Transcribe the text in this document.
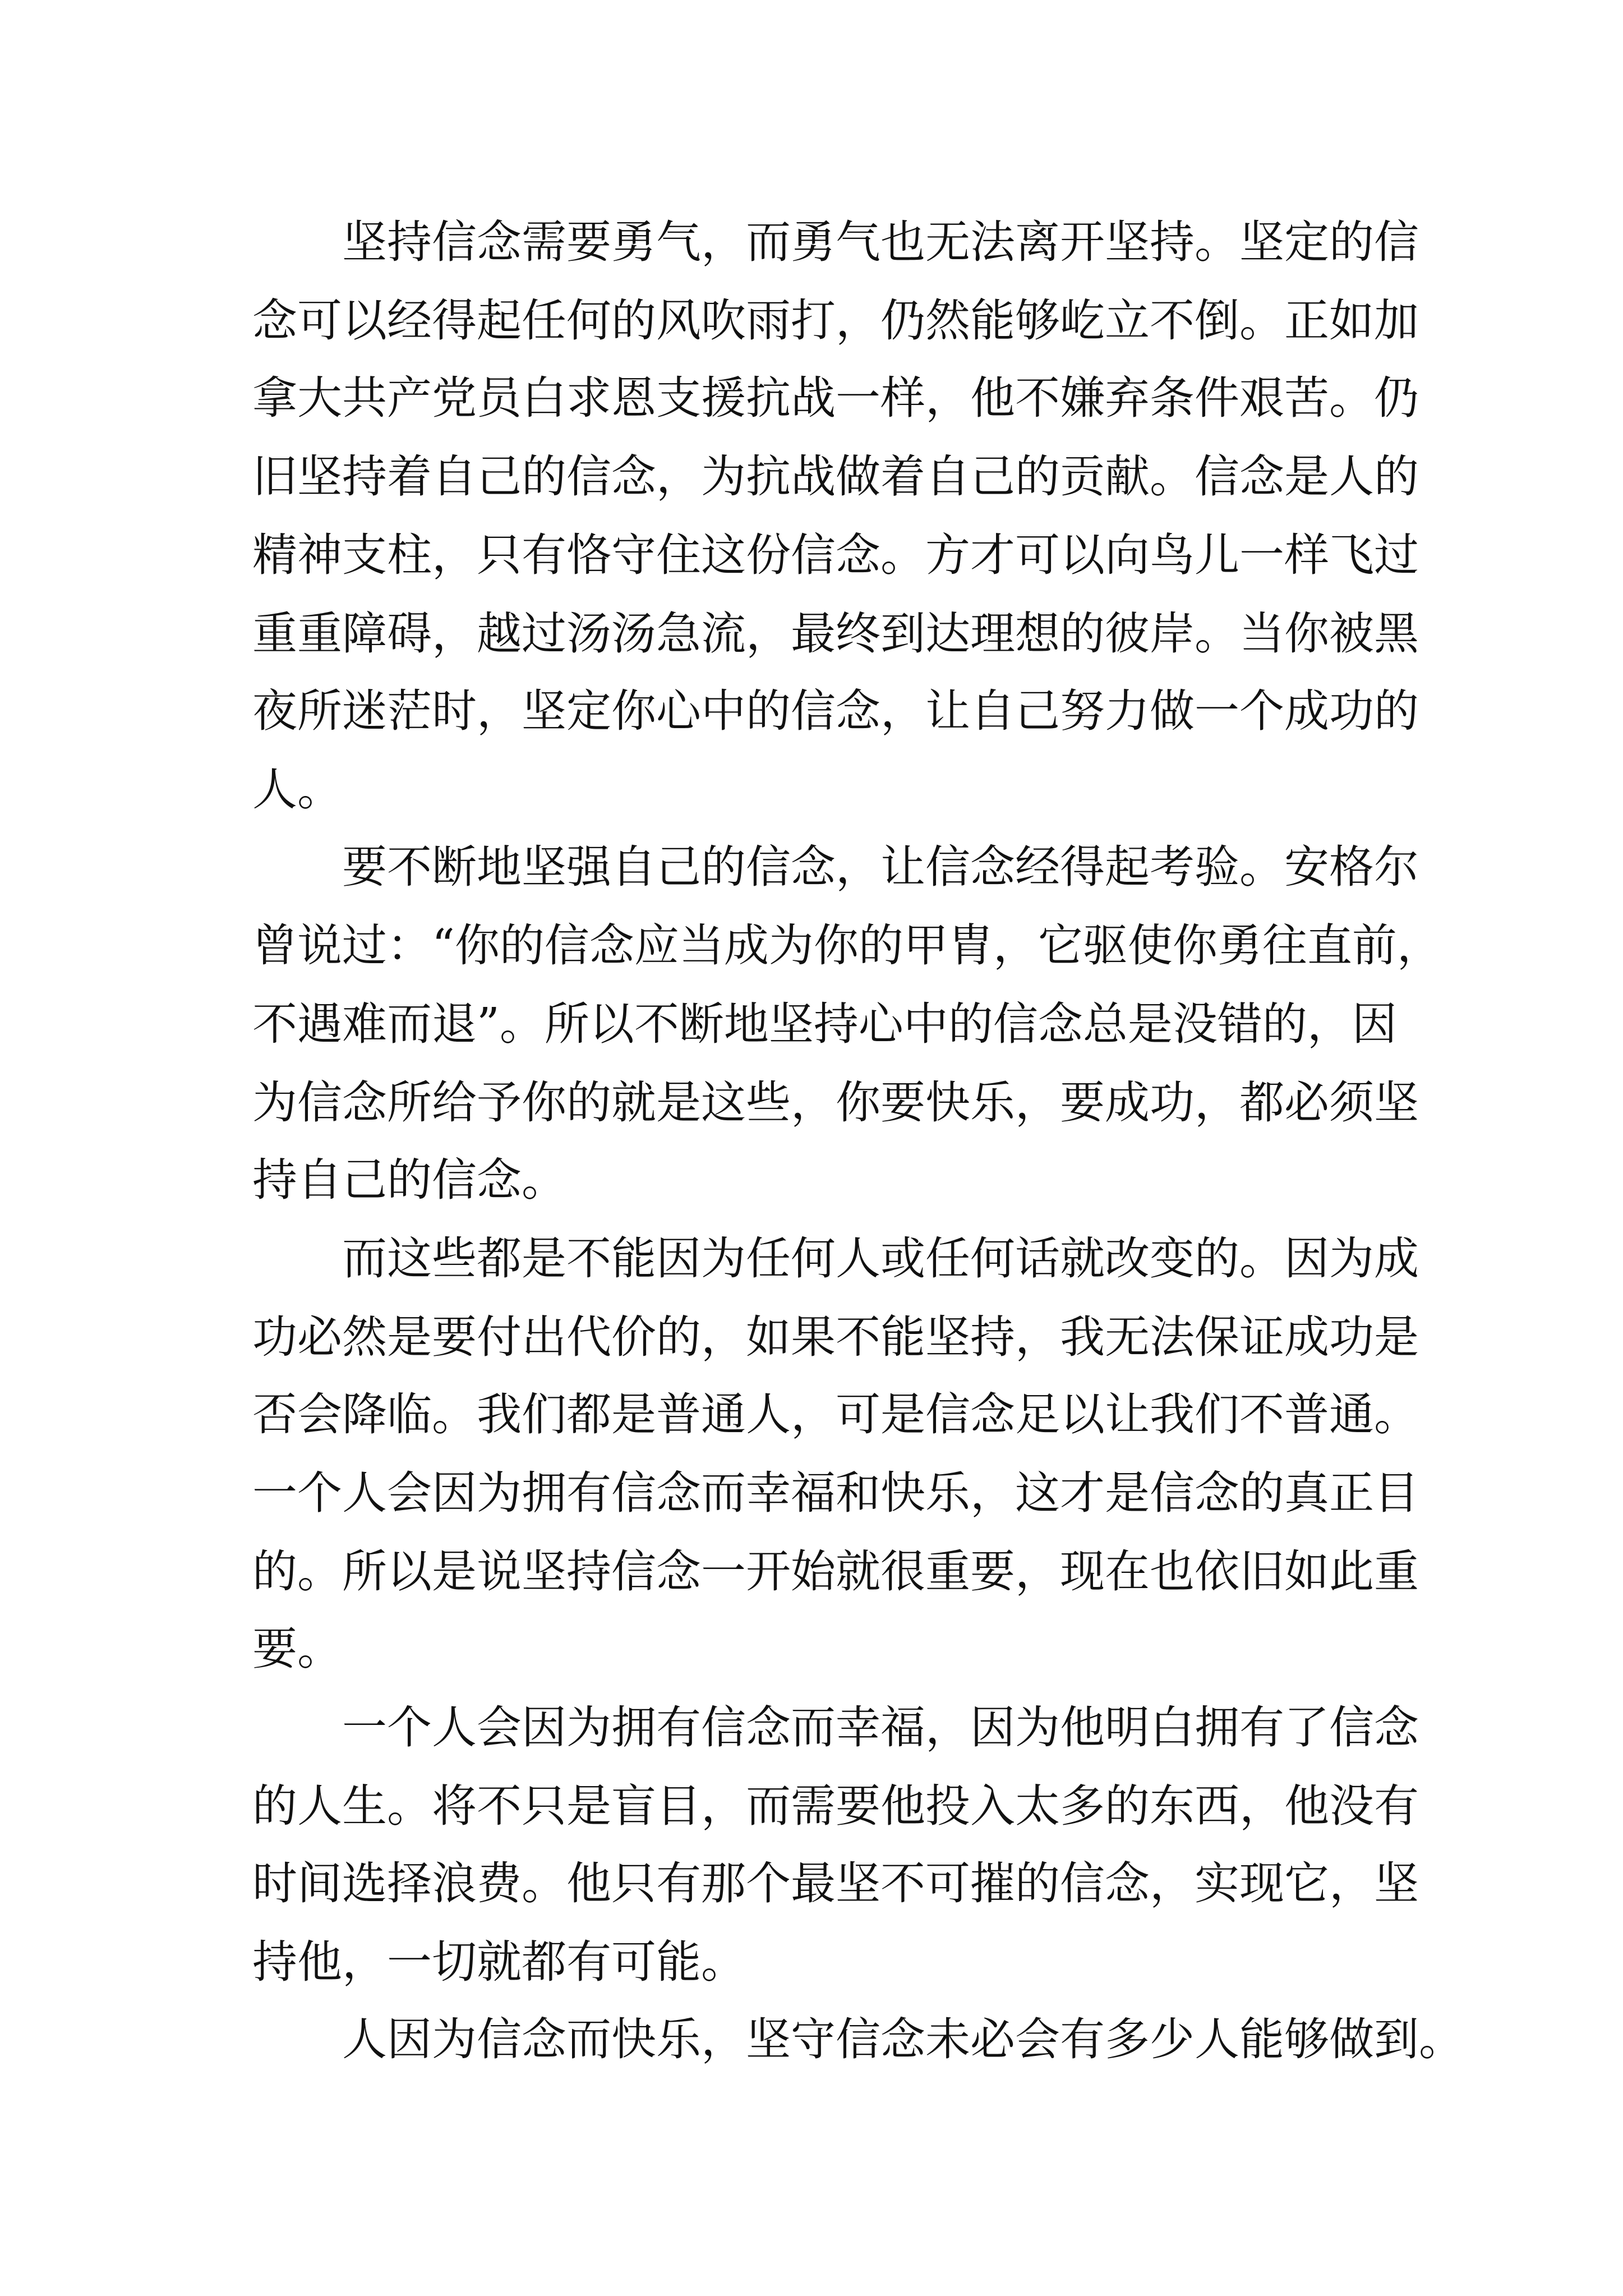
　　坚持信念需要勇气，而勇气也无法离开坚持。坚定的信

念可以经得起任何的风吹雨打，仍然能够屹立不倒。正如加

拿大共产党员白求恩支援抗战一样，他不嫌弃条件艰苦。仍

旧坚持着自己的信念，为抗战做着自己的贡献。信念是人的

精神支柱，只有恪守住这份信念。方才可以向鸟儿一样飞过

重重障碍，越过汤汤急流，最终到达理想的彼岸。当你被黑

夜所迷茫时，坚定你心中的信念，让自己努力做一个成功的

人。

　　要不断地坚强自己的信念，让信念经得起考验。安格尔

曾说过：“你的信念应当成为你的甲胄，它驱使你勇往直前，

不遇难而退”。所以不断地坚持心中的信念总是没错的，因

为信念所给予你的就是这些，你要快乐，要成功，都必须坚

持自己的信念。

　　而这些都是不能因为任何人或任何话就改变的。因为成

功必然是要付出代价的，如果不能坚持，我无法保证成功是

否会降临。我们都是普通人，可是信念足以让我们不普通。

一个人会因为拥有信念而幸福和快乐，这才是信念的真正目

的。所以是说坚持信念一开始就很重要，现在也依旧如此重

要。

　　一个人会因为拥有信念而幸福，因为他明白拥有了信念

的人生。将不只是盲目，而需要他投入太多的东西，他没有

时间选择浪费。他只有那个最坚不可摧的信念，实现它，坚

持他，一切就都有可能。

　　人因为信念而快乐，坚守信念未必会有多少人能够做到。
